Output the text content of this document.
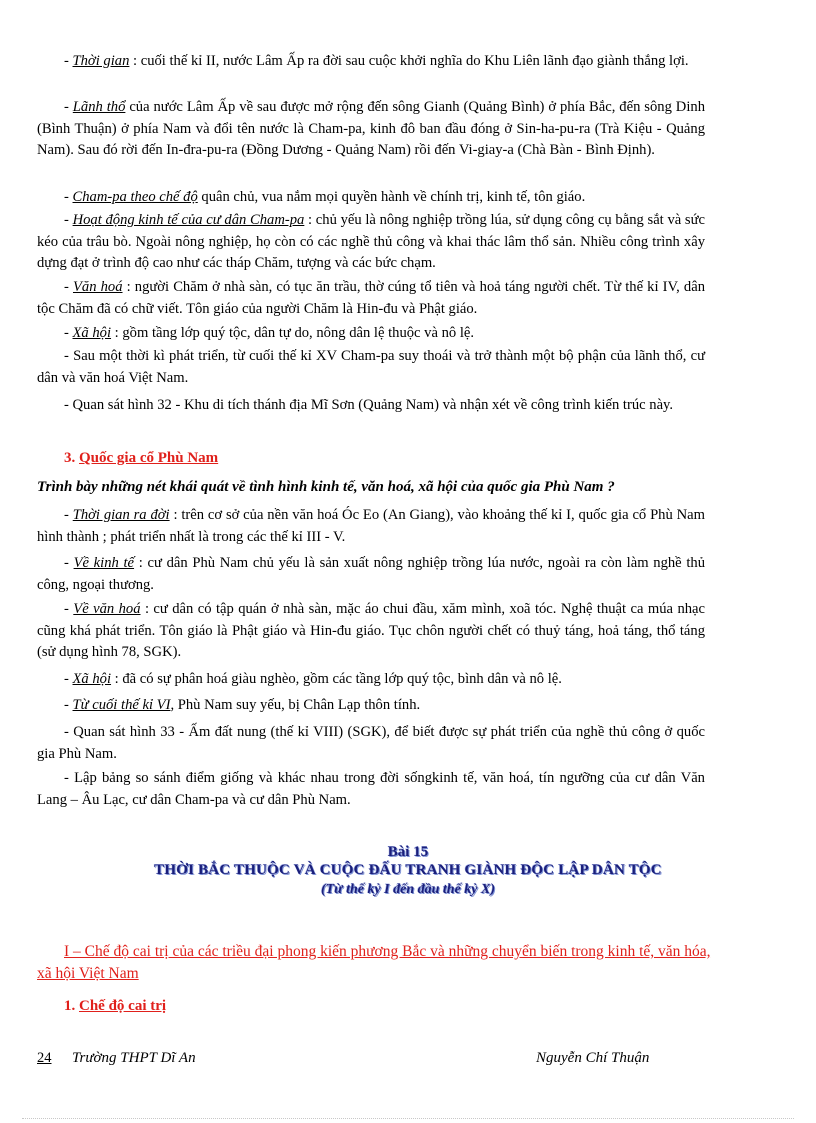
- Thời gian : cuối thế kỉ II, nước Lâm Ấp ra đời sau cuộc khởi nghĩa do Khu Liên lãnh đạo giành thắng lợi.

- Lãnh thổ của nước Lâm Ấp về sau được mở rộng đến sông Gianh (Quảng Bình) ở phía Bắc, đến sông Dinh (Bình Thuận) ở phía Nam và đổi tên nước là Cham-pa, kinh đô ban đầu đóng ở Sin-ha-pu-ra (Trà Kiệu - Quảng Nam). Sau đó rời đến In-đra-pu-ra (Đồng Dương - Quảng Nam) rồi đến Vi-giay-a (Chà Bàn - Bình Định).

- Cham-pa theo chế độ quân chủ, vua nắm mọi quyền hành về chính trị, kinh tế, tôn giáo.

- Hoạt động kinh tế của cư dân Cham-pa : chủ yếu là nông nghiệp trồng lúa, sử dụng công cụ bằng sắt và sức kéo của trâu bò. Ngoài nông nghiệp, họ còn có các nghề thủ công và khai thác lâm thổ sản. Nhiều công trình xây dựng đạt ở trình độ cao như các tháp Chăm, tượng và các bức chạm.

- Văn hoá : người Chăm ở nhà sàn, có tục ăn trầu, thờ cúng tổ tiên và hoả táng người chết. Từ thế kỉ IV, dân tộc Chăm đã có chữ viết. Tôn giáo của người Chăm là Hin-đu và Phật giáo.

- Xã hội : gồm tầng lớp quý tộc, dân tự do, nông dân lệ thuộc và nô lệ.

- Sau một thời kì phát triển, từ cuối thế kỉ XV Cham-pa suy thoái và trở thành một bộ phận của lãnh thổ, cư dân và văn hoá Việt Nam.

- Quan sát hình 32 - Khu di tích thánh địa Mĩ Sơn (Quảng Nam) và nhận xét về công trình kiến trúc này.

3. Quốc gia cổ Phù Nam
Trình bày những nét khái quát về tình hình kinh tế, văn hoá, xã hội của quốc gia Phù Nam ?

- Thời gian ra đời : trên cơ sở của nền văn hoá Óc Eo (An Giang), vào khoảng thế kỉ I, quốc gia cổ Phù Nam hình thành ; phát triển nhất là trong các thế kỉ III - V.

- Về kinh tế : cư dân Phù Nam chủ yếu là sản xuất nông nghiệp trồng lúa nước, ngoài ra còn làm nghề thủ công, ngoại thương.

- Về văn hoá : cư dân có tập quán ở nhà sàn, mặc áo chui đầu, xăm mình, xoã tóc. Nghệ thuật ca múa nhạc cũng khá phát triển. Tôn giáo là Phật giáo và Hin-đu giáo. Tục chôn người chết có thuỷ táng, hoả táng, thổ táng (sử dụng hình 78, SGK).

- Xã hội : đã có sự phân hoá giàu nghèo, gồm các tầng lớp quý tộc, bình dân và nô lệ.

- Từ cuối thế kỉ VI, Phù Nam suy yếu, bị Chân Lạp thôn tính.

- Quan sát hình 33 - Ấm đất nung (thế kỉ VIII) (SGK), để biết được sự phát triển của nghề thủ công ở quốc gia Phù Nam.

- Lập bảng so sánh điểm giống và khác nhau trong đời sốngkinh tế, văn hoá, tín ngưỡng của cư dân Văn Lang – Âu Lạc, cư dân Cham-pa và cư dân Phù Nam.

Bài 15
THỜI BẮC THUỘC VÀ CUỘC ĐẤU TRANH GIÀNH ĐỘC LẬP DÂN TỘC
(Từ thế kỷ I đến đầu thế kỷ X)
I – Chế độ cai trị của các triều đại phong kiến phương Bắc và những chuyển biến trong kinh tế, văn hóa, xã hội Việt Nam
1. Chế độ cai trị
24 Trường THPT Dĩ An	Nguyễn Chí Thuận
